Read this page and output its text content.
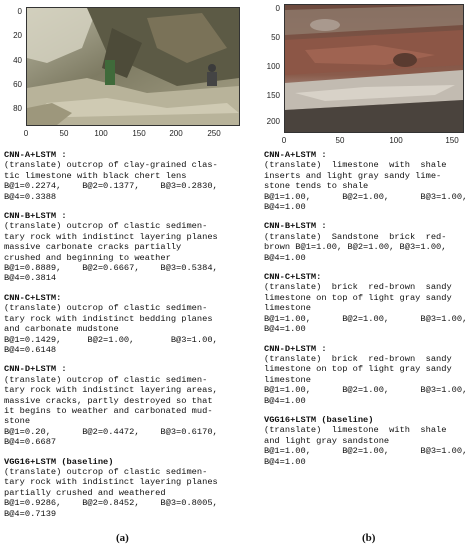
0
20
40
60
80
0	50	100	150	200	250
0
50
100
150
200
0	50	100	150
CNN-A+LSTM :
(translate) outcrop of clay-grained clas-
tic limestone with black chert lens
B@1=0.2274,    B@2=0.1377,    B@3=0.2830,
B@4=0.3388
CNN-B+LSTM :
(translate) outcrop of clastic sedimen-
tary rock with indistinct layering planes
massive carbonate cracks partially
crushed and beginning to weather
B@1=0.8889,    B@2=0.6667,    B@3=0.5384,
B@4=0.3814
CNN-C+LSTM:
(translate) outcrop of clastic sedimen-
tary rock with indistinct bedding planes
and carbonate mudstone
B@1=0.1429,     B@2=1.00,       B@3=1.00,
B@4=0.6148
CNN-D+LSTM :
(translate) outcrop of clastic sedimen-
tary rock with indistinct layering areas,
massive cracks, partly destroyed so that
it begins to weather and carbonated mud-
stone
B@1=0.20,      B@2=0.4472,    B@3=0.6170,
B@4=0.6687
VGG16+LSTM (baseline)
(translate) outcrop of clastic sedimen-
tary rock with indistinct layering planes
partially crushed and weathered
B@1=0.9286,    B@2=0.8452,    B@3=0.8005,
B@4=0.7139
CNN-A+LSTM :
(translate)  limestone  with  shale
inserts and light gray sandy lime-
stone tends to shale
B@1=1.00,      B@2=1.00,      B@3=1.00,
B@4=1.00
CNN-B+LSTM :
(translate)  Sandstone  brick  red-
brown B@1=1.00, B@2=1.00, B@3=1.00,
B@4=1.00
CNN-C+LSTM:
(translate)  brick  red-brown  sandy
limestone on top of light gray sandy
limestone
B@1=1.00,      B@2=1.00,      B@3=1.00,
B@4=1.00
CNN-D+LSTM :
(translate)  brick  red-brown  sandy
limestone on top of light gray sandy
limestone
B@1=1.00,      B@2=1.00,      B@3=1.00,
B@4=1.00
VGG16+LSTM (baseline)
(translate)  limestone  with  shale
and light gray sandstone
B@1=1.00,      B@2=1.00,      B@3=1.00,
B@4=1.00
(a)	(b)
